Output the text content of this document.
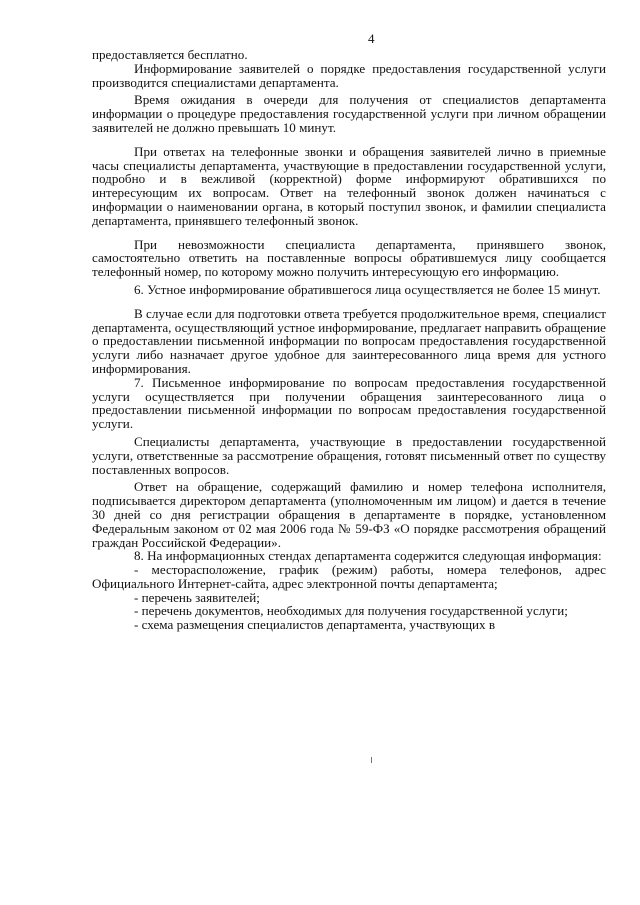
4

предоставляется бесплатно.

Информирование заявителей о порядке предоставления государственной услуги производится специалистами департамента.

Время ожидания в очереди для получения от специалистов департамента информации о процедуре предоставления государственной услуги при личном обращении заявителей не должно превышать 10 минут.

При ответах на телефонные звонки и обращения заявителей лично в приемные часы специалисты департамента, участвующие в предоставлении государственной услуги, подробно и в вежливой (корректной) форме информируют обратившихся по интересующим их вопросам. Ответ на телефонный звонок должен начинаться с информации о наименовании органа, в который поступил звонок, и фамилии специалиста департамента, принявшего телефонный звонок.

При невозможности специалиста департамента, принявшего звонок, самостоятельно ответить на поставленные вопросы обратившемуся лицу сообщается телефонный номер, по которому можно получить интересующую его информацию.

6. Устное информирование обратившегося лица осуществляется не более 15 минут.

В случае если для подготовки ответа требуется продолжительное время, специалист департамента, осуществляющий устное информирование, предлагает направить обращение о предоставлении письменной информации по вопросам предоставления государственной услуги либо назначает другое удобное для заинтересованного лица время для устного информирования.

7. Письменное информирование по вопросам предоставления государственной услуги осуществляется при получении обращения заинтересованного лица о предоставлении письменной информации по вопросам предоставления государственной услуги.

Специалисты департамента, участвующие в предоставлении государственной услуги, ответственные за рассмотрение обращения, готовят письменный ответ по существу поставленных вопросов.

Ответ на обращение, содержащий фамилию и номер телефона исполнителя, подписывается директором департамента (уполномоченным им лицом) и дается в течение 30 дней со дня регистрации обращения в департаменте в порядке, установленном Федеральным законом от 02 мая 2006 года № 59-ФЗ «О порядке рассмотрения обращений граждан Российской Федерации».

8. На информационных стендах департамента содержится следующая информация:

- месторасположение, график (режим) работы, номера телефонов, адрес Официального Интернет-сайта, адрес электронной почты департамента;

- перечень заявителей;

- перечень документов, необходимых для получения государственной услуги;

- схема размещения специалистов департамента, участвующих в
